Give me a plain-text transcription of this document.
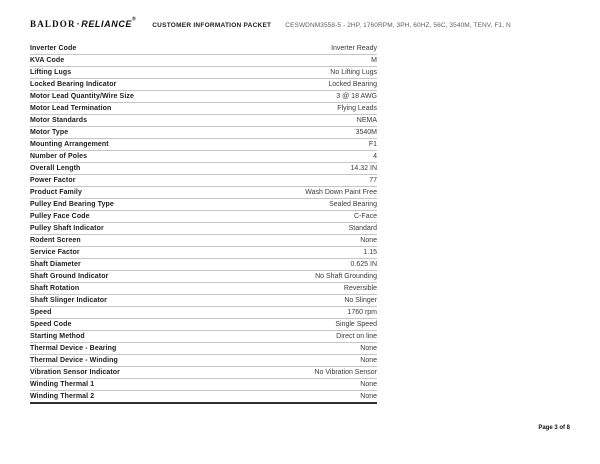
BALDOR·RELIANCE®
CUSTOMER INFORMATION PACKET CESWDNM3558-5 - 2HP, 1760RPM, 3PH, 60HZ, 56C, 3540M, TENV, F1, N
Inverter Code	Inverter Ready
KVA Code	M
Lifting Lugs	No Lifting Lugs
Locked Bearing Indicator	Locked Bearing
Motor Lead Quantity/Wire Size	3 @ 18 AWG
Motor Lead Termination	Flying Leads
Motor Standards	NEMA
Motor Type	3540M
Mounting Arrangement	F1
Number of Poles	4
Overall Length	14.32 IN
Power Factor	77
Product Family	Wash Down Paint Free
Pulley End Bearing Type	Sealed Bearing
Pulley Face Code	C-Face
Pulley Shaft Indicator	Standard
Rodent Screen	None
Service Factor	1.15
Shaft Diameter	0.625 IN
Shaft Ground Indicator	No Shaft Grounding
Shaft Rotation	Reversible
Shaft Slinger Indicator	No Slinger
Speed	1760 rpm
Speed Code	Single Speed
Starting Method	Direct on line
Thermal Device - Bearing	None
Thermal Device - Winding	None
Vibration Sensor Indicator	No Vibration Sensor
Winding Thermal 1	None
Winding Thermal 2	None
Page 3 of 8
